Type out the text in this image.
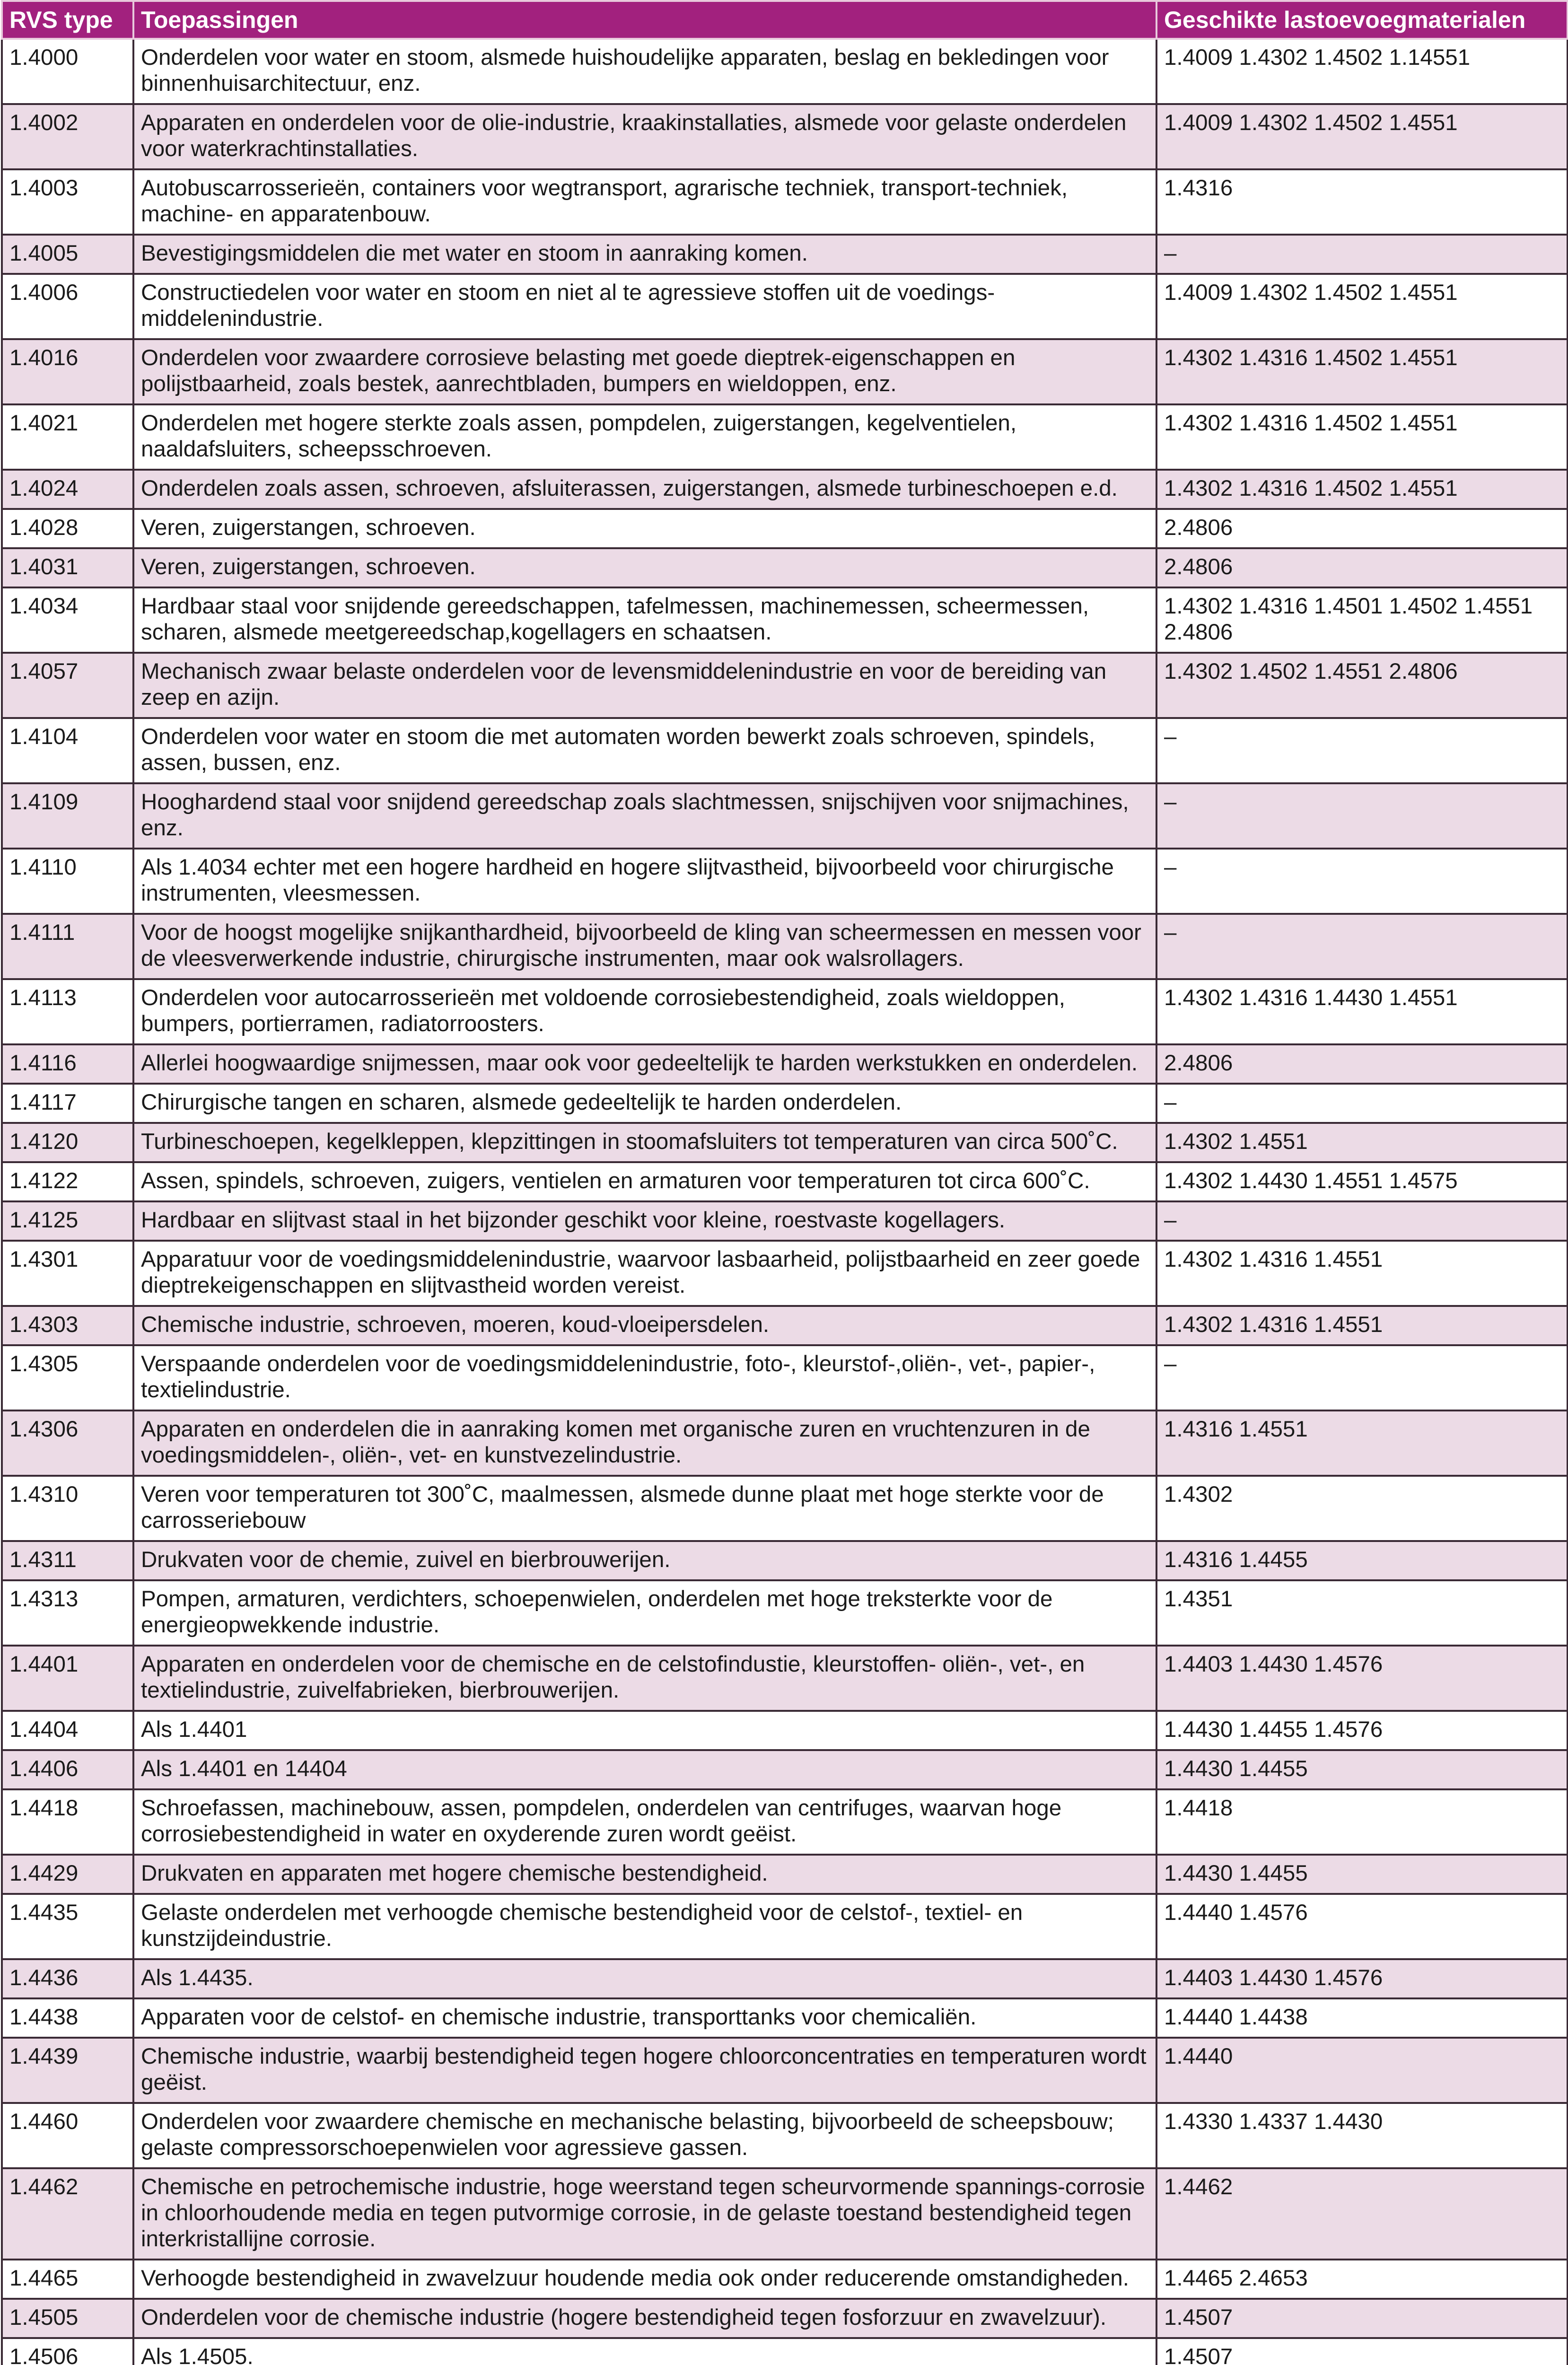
RVS type	Toepassingen	Geschikte lastoevoegmaterialen
1.4000	Onderdelen voor water en stoom, alsmede huishoudelijke apparaten, beslag en bekledingen voor binnenhuisarchitectuur, enz.	1.4009 1.4302 1.4502 1.14551
1.4002	Apparaten en onderdelen voor de olie-industrie, kraakinstallaties, alsmede voor gelaste onderdelen voor waterkrachtinstallaties.	1.4009 1.4302 1.4502 1.4551
1.4003	Autobuscarrosserieën, containers voor wegtransport, agrarische techniek, transport-techniek, machine- en apparatenbouw.	1.4316
1.4005	Bevestigingsmiddelen die met water en stoom in aanraking komen.	–
1.4006	Constructiedelen voor water en stoom en niet al te agressieve stoffen uit de voedings-middelenindustrie.	1.4009 1.4302 1.4502 1.4551
1.4016	Onderdelen voor zwaardere corrosieve belasting met goede dieptrek-eigenschappen en polijstbaarheid, zoals bestek, aanrechtbladen, bumpers en wieldoppen, enz.	1.4302 1.4316 1.4502 1.4551
1.4021	Onderdelen met hogere sterkte zoals assen, pompdelen, zuigerstangen, kegelventielen, naaldafsluiters, scheepsschroeven.	1.4302 1.4316 1.4502 1.4551
1.4024	Onderdelen zoals assen, schroeven, afsluiterassen, zuigerstangen, alsmede turbineschoepen e.d.	1.4302 1.4316 1.4502 1.4551
1.4028	Veren, zuigerstangen, schroeven.	2.4806
1.4031	Veren, zuigerstangen, schroeven.	2.4806
1.4034	Hardbaar staal voor snijdende gereedschappen, tafelmessen, machinemessen, scheermessen, scharen, alsmede meetgereedschap,kogellagers en schaatsen.	1.4302 1.4316 1.4501 1.4502 1.4551 2.4806
1.4057	Mechanisch zwaar belaste onderdelen voor de levensmiddelenindustrie en voor de bereiding van zeep en azijn.	1.4302 1.4502 1.4551 2.4806
1.4104	Onderdelen voor water en stoom die met automaten worden bewerkt zoals schroeven, spindels, assen, bussen, enz.	–
1.4109	Hooghardend staal voor snijdend gereedschap zoals slachtmessen, snijschijven voor snijmachines, enz.	–
1.4110	Als 1.4034 echter met een hogere hardheid en hogere slijtvastheid, bijvoorbeeld voor chirurgische instrumenten, vleesmessen.	–
1.4111	Voor de hoogst mogelijke snijkanthardheid, bijvoorbeeld de kling van scheermessen en messen voor de vleesverwerkende industrie, chirurgische instrumenten, maar ook walsrollagers.	–
1.4113	Onderdelen voor autocarrosserieën met voldoende corrosiebestendigheid, zoals wieldoppen, bumpers, portierramen, radiatorroosters.	1.4302 1.4316 1.4430 1.4551
1.4116	Allerlei hoogwaardige snijmessen, maar ook voor gedeeltelijk te harden werkstukken en onderdelen.	2.4806
1.4117	Chirurgische tangen en scharen, alsmede gedeeltelijk te harden onderdelen.	–
1.4120	Turbineschoepen, kegelkleppen, klepzittingen in stoomafsluiters tot temperaturen van circa 500˚C.	1.4302 1.4551
1.4122	Assen, spindels, schroeven, zuigers, ventielen en armaturen voor temperaturen tot circa 600˚C.	1.4302 1.4430 1.4551 1.4575
1.4125	Hardbaar en slijtvast staal in het bijzonder geschikt voor kleine, roestvaste kogellagers.	–
1.4301	Apparatuur voor de voedingsmiddelenindustrie, waarvoor lasbaarheid, polijstbaarheid en zeer goede dieptrekeigenschappen en slijtvastheid worden vereist.	1.4302 1.4316 1.4551
1.4303	Chemische industrie, schroeven, moeren, koud-vloeipersdelen.	1.4302 1.4316 1.4551
1.4305	Verspaande onderdelen voor de voedingsmiddelenindustrie, foto-, kleurstof-,oliën-, vet-, papier-, textielindustrie.	–
1.4306	Apparaten en onderdelen die in aanraking komen met organische zuren en vruchtenzuren in de voedingsmiddelen-, oliën-, vet- en kunstvezelindustrie.	1.4316 1.4551
1.4310	Veren voor temperaturen tot 300˚C, maalmessen, alsmede dunne plaat met hoge sterkte voor de carrosseriebouw	1.4302
1.4311	Drukvaten voor de chemie, zuivel en bierbrouwerijen.	1.4316 1.4455
1.4313	Pompen, armaturen, verdichters, schoepenwielen, onderdelen met hoge treksterkte voor de energieopwekkende industrie.	1.4351
1.4401	Apparaten en onderdelen voor de chemische en de celstofindustie, kleurstoffen- oliën-, vet-, en textielindustrie, zuivelfabrieken, bierbrouwerijen.	1.4403 1.4430 1.4576
1.4404	Als 1.4401	1.4430 1.4455 1.4576
1.4406	Als 1.4401 en 14404	1.4430 1.4455
1.4418	Schroefassen, machinebouw, assen, pompdelen, onderdelen van centrifuges, waarvan hoge corrosiebestendigheid in water en oxyderende zuren wordt geëist.	1.4418
1.4429	Drukvaten en apparaten met hogere chemische bestendigheid.	1.4430 1.4455
1.4435	Gelaste onderdelen met verhoogde chemische bestendigheid voor de celstof-, textiel- en kunstzijdeindustrie.	1.4440 1.4576
1.4436	Als 1.4435.	1.4403 1.4430 1.4576
1.4438	Apparaten voor de celstof- en chemische industrie, transporttanks voor chemicaliën.	1.4440 1.4438
1.4439	Chemische industrie, waarbij bestendigheid tegen hogere chloorconcentraties en temperaturen wordt geëist.	1.4440
1.4460	Onderdelen voor zwaardere chemische en mechanische belasting, bijvoorbeeld de scheepsbouw; gelaste compressorschoepenwielen voor agressieve gassen.	1.4330 1.4337 1.4430
1.4462	Chemische en petrochemische industrie, hoge weerstand tegen scheurvormende spannings-corrosie in chloorhoudende media en tegen putvormige corrosie, in de gelaste toestand bestendigheid tegen interkristallijne corrosie.	1.4462
1.4465	Verhoogde bestendigheid in zwavelzuur houdende media ook onder reducerende omstandigheden.	1.4465 2.4653
1.4505	Onderdelen voor de chemische industrie (hogere bestendigheid tegen fosforzuur en zwavelzuur).	1.4507
1.4506	Als 1.4505.	1.4507
